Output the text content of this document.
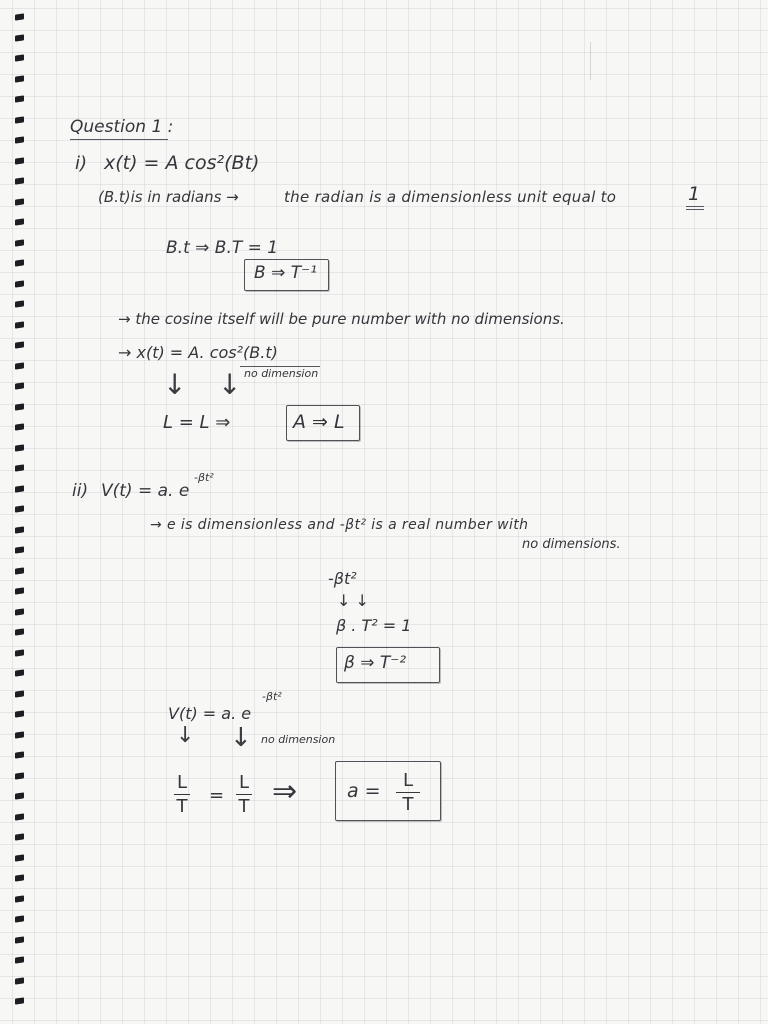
Question 1 :
i) x(t) = A cos²(Bt)
(B.t)is in radians →	the radian is a dimensionless unit equal to	1
B.t ⇒ B.T = 1
B ⇒ T⁻¹
→ the cosine itself will be pure number with no dimensions.
→ x(t) = A. cos²(B.t)
no dimension
↓ ↓
L = L ⇒	A ⇒ L
ii) V(t) = a. e
-βt²
→ e is dimensionless and -βt² is a real number with
no dimensions.
-βt²
↓ ↓
β . T² = 1
β ⇒ T⁻²
V(t) = a. e
-βt²
no dimension
↓ ↓
L
T
=
L
T ⇒	a = L
T
